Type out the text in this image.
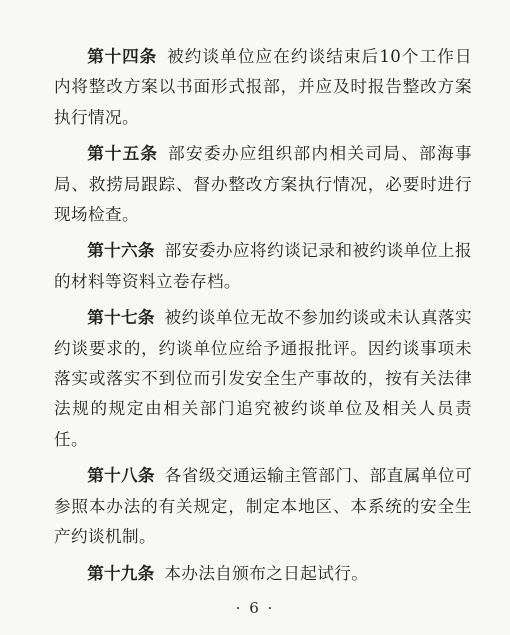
第十四条 被约谈单位应在约谈结束后10个工作日内将整改方案以书面形式报部，并应及时报告整改方案执行情况。

第十五条 部安委办应组织部内相关司局、部海事局、救捞局跟踪、督办整改方案执行情况，必要时进行现场检查。

第十六条 部安委办应将约谈记录和被约谈单位上报的材料等资料立卷存档。

第十七条 被约谈单位无故不参加约谈或未认真落实约谈要求的，约谈单位应给予通报批评。因约谈事项未落实或落实不到位而引发安全生产事故的，按有关法律法规的规定由相关部门追究被约谈单位及相关人员责任。

第十八条 各省级交通运输主管部门、部直属单位可参照本办法的有关规定，制定本地区、本系统的安全生产约谈机制。

第十九条 本办法自颁布之日起试行。

· 6 ·
